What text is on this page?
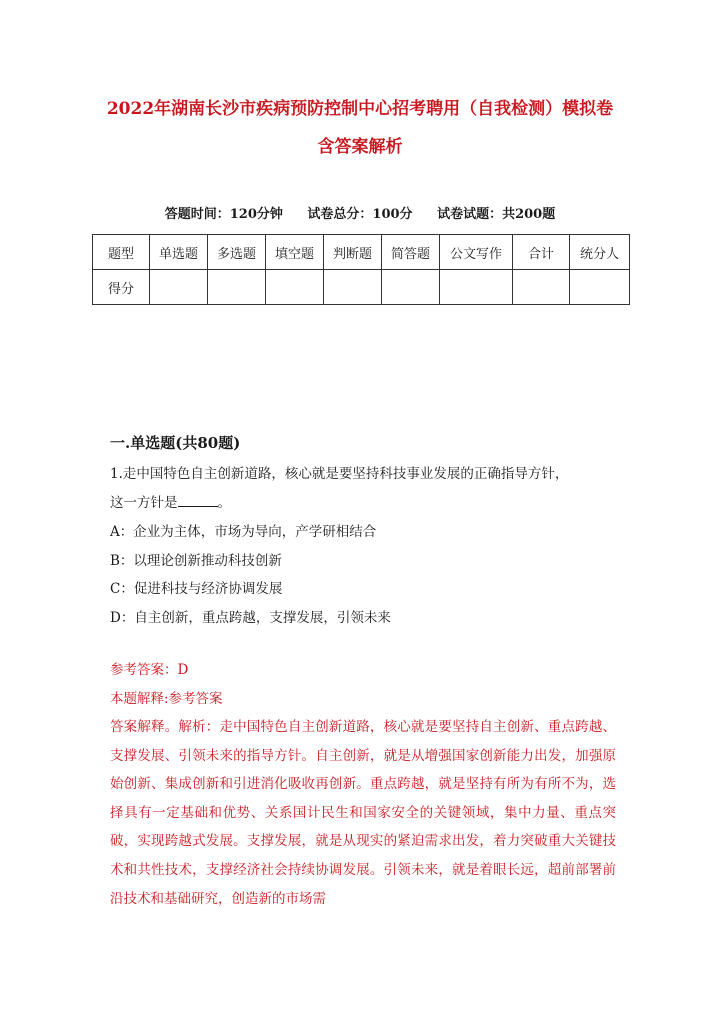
2022年湖南长沙市疾病预防控制中心招考聘用（自我检测）模拟卷
含答案解析
答题时间：120分钟 试卷总分：100分 试卷试题：共200题
题型	单选题	多选题	填空题	判断题	简答题	公文写作	合计	统分人
得分								
一.单选题(共80题)
1.走中国特色自主创新道路，核心就是要坚持科技事业发展的正确指导方针，
这一方针是	。
A：企业为主体，市场为导向，产学研相结合
B：以理论创新推动科技创新
C：促进科技与经济协调发展
D：自主创新，重点跨越，支撑发展，引领未来
参考答案：D
本题解释:参考答案
答案解释。解析：走中国特色自主创新道路，核心就是要坚持自主创新、重点跨越、支撑发展、引领未来的指导方针。自主创新，就是从增强国家创新能力出发，加强原始创新、集成创新和引进消化吸收再创新。重点跨越，就是坚持有所为有所不为，选择具有一定基础和优势、关系国计民生和国家安全的关键领域，集中力量、重点突破，实现跨越式发展。支撑发展，就是从现实的紧迫需求出发，着力突破重大关键技术和共性技术，支撑经济社会持续协调发展。引领未来，就是着眼长远，超前部署前沿技术和基础研究，创造新的市场需
